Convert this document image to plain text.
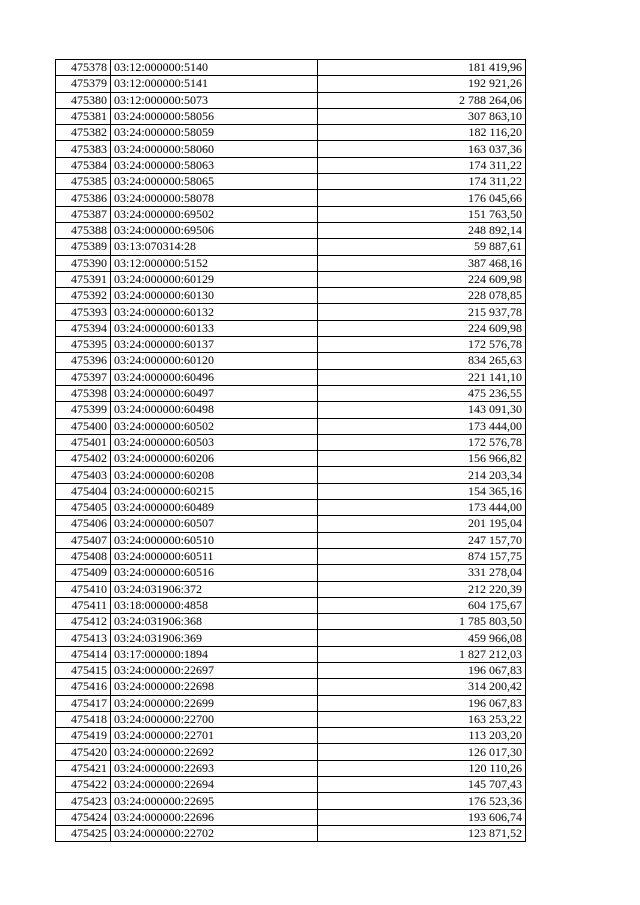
475378	03:12:000000:5140	181 419,96
475379	03:12:000000:5141	192 921,26
475380	03:12:000000:5073	2 788 264,06
475381	03:24:000000:58056	307 863,10
475382	03:24:000000:58059	182 116,20
475383	03:24:000000:58060	163 037,36
475384	03:24:000000:58063	174 311,22
475385	03:24:000000:58065	174 311,22
475386	03:24:000000:58078	176 045,66
475387	03:24:000000:69502	151 763,50
475388	03:24:000000:69506	248 892,14
475389	03:13:070314:28	59 887,61
475390	03:12:000000:5152	387 468,16
475391	03:24:000000:60129	224 609,98
475392	03:24:000000:60130	228 078,85
475393	03:24:000000:60132	215 937,78
475394	03:24:000000:60133	224 609,98
475395	03:24:000000:60137	172 576,78
475396	03:24:000000:60120	834 265,63
475397	03:24:000000:60496	221 141,10
475398	03:24:000000:60497	475 236,55
475399	03:24:000000:60498	143 091,30
475400	03:24:000000:60502	173 444,00
475401	03:24:000000:60503	172 576,78
475402	03:24:000000:60206	156 966,82
475403	03:24:000000:60208	214 203,34
475404	03:24:000000:60215	154 365,16
475405	03:24:000000:60489	173 444,00
475406	03:24:000000:60507	201 195,04
475407	03:24:000000:60510	247 157,70
475408	03:24:000000:60511	874 157,75
475409	03:24:000000:60516	331 278,04
475410	03:24:031906:372	212 220,39
475411	03:18:000000:4858	604 175,67
475412	03:24:031906:368	1 785 803,50
475413	03:24:031906:369	459 966,08
475414	03:17:000000:1894	1 827 212,03
475415	03:24:000000:22697	196 067,83
475416	03:24:000000:22698	314 200,42
475417	03:24:000000:22699	196 067,83
475418	03:24:000000:22700	163 253,22
475419	03:24:000000:22701	113 203,20
475420	03:24:000000:22692	126 017,30
475421	03:24:000000:22693	120 110,26
475422	03:24:000000:22694	145 707,43
475423	03:24:000000:22695	176 523,36
475424	03:24:000000:22696	193 606,74
475425	03:24:000000:22702	123 871,52
